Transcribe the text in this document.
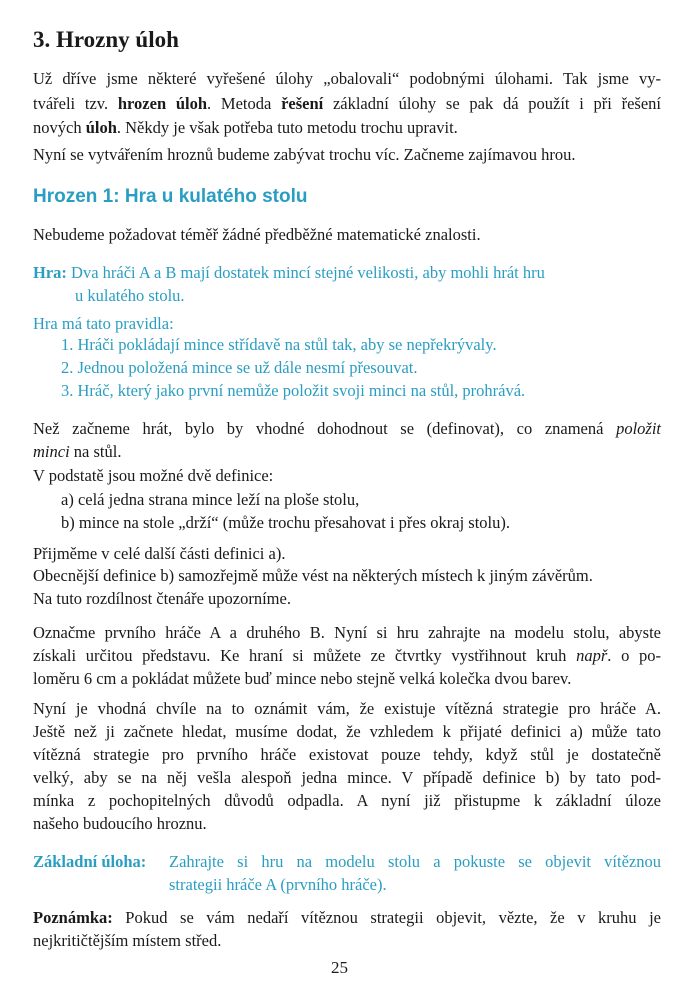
3. Hrozny úloh

Už dříve jsme některé vyřešené úlohy „obalovali“ podobnými úlohami. Tak jsme vy-

tvářeli tzv. hrozen úloh. Metoda řešení základní úlohy se pak dá použít i při řešení

nových úloh. Někdy je však potřeba tuto metodu trochu upravit.

Nyní se vytvářením hroznů budeme zabývat trochu víc. Začneme zajímavou hrou.

Hrozen 1: Hra u kulatého stolu

Nebudeme požadovat téměř žádné předběžné matematické znalosti.

Hra: Dva hráči A a B mají dostatek mincí stejné velikosti, aby mohli hrát hru

u kulatého stolu.

Hra má tato pravidla:

1. Hráči pokládají mince střídavě na stůl tak, aby se nepřekrývaly.

2. Jednou položená mince se už dále nesmí přesouvat.

3. Hráč, který jako první nemůže položit svoji minci na stůl, prohrává.

Než začneme hrát, bylo by vhodné dohodnout se (definovat), co znamená položit

minci na stůl.

V podstatě jsou možné dvě definice:

a) celá jedna strana mince leží na ploše stolu,

b) mince na stole „drží“ (může trochu přesahovat i přes okraj stolu).

Přijměme v celé další části definici a).

Obecnější definice b) samozřejmě může vést na některých místech k jiným závěrům.

Na tuto rozdílnost čtenáře upozorníme.

Označme prvního hráče A a druhého B. Nyní si hru zahrajte na modelu stolu, abyste

získali určitou představu. Ke hraní si můžete ze čtvrtky vystřihnout kruh např. o po-

loměru 6 cm a pokládat můžete buď mince nebo stejně velká kolečka dvou barev.

Nyní je vhodná chvíle na to oznámit vám, že existuje vítězná strategie pro hráče A.

Ještě než ji začnete hledat, musíme dodat, že vzhledem k přijaté definici a) může tato

vítězná strategie pro prvního hráče existovat pouze tehdy, když stůl je dostatečně

velký, aby se na něj vešla alespoň jedna mince. V případě definice b) by tato pod-

mínka z pochopitelných důvodů odpadla. A nyní již přistupme k základní úloze

našeho budoucího hroznu.

Základní úloha:	Zahrajte si hru na modelu stolu a pokuste se objevit vítěznou

strategii hráče A (prvního hráče).

Poznámka: Pokud se vám nedaří vítěznou strategii objevit, vězte, že v kruhu je

nejkritičtějším místem střed.

25
